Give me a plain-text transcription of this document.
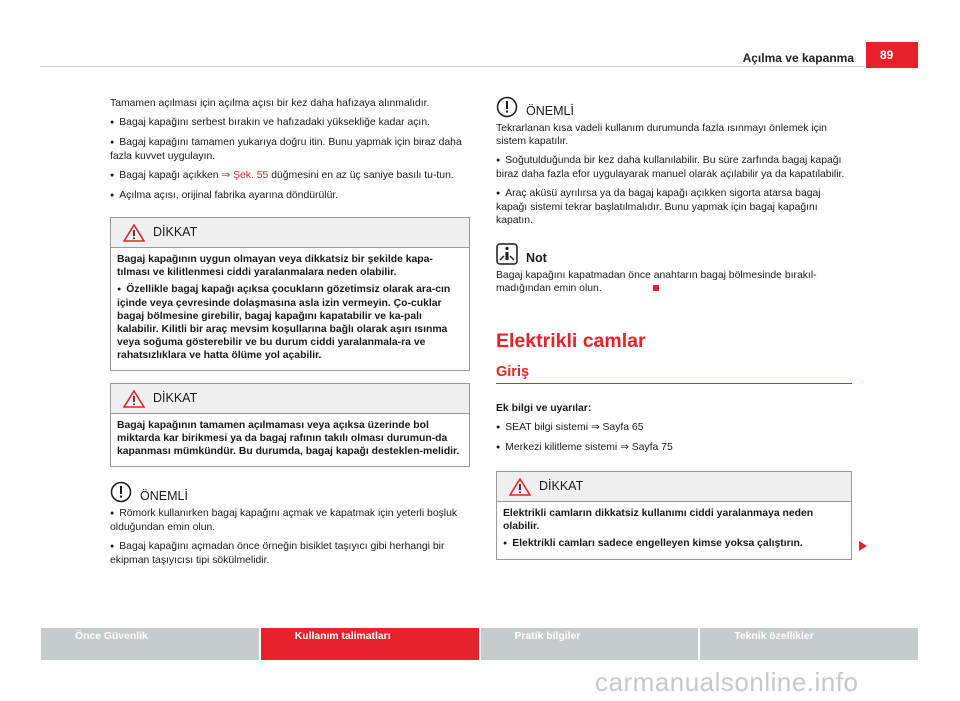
Açılma ve kapanma	89

Tamamen açılması için açılma açısı bir kez daha hafızaya alınmalıdır.

● Bagaj kapağını serbest bırakın ve hafızadaki yüksekliğe kadar açın.

● Bagaj kapağını tamamen yukarıya doğru itin. Bunu yapmak için biraz daha fazla kuvvet uygulayın.

● Bagaj kapağı açıkken ⇒ Şek. 55 düğmesini en az üç saniye basılı tu-tun.

● Açılma açısı, orijinal fabrika ayarına döndürülür.

DİKKAT

Bagaj kapağının uygun olmayan veya dikkatsiz bir şekilde kapa-tılması ve kilitlenmesi ciddi yaralanmalara neden olabilir.

● Özellikle bagaj kapağı açıksa çocukların gözetimsiz olarak ara-cın içinde veya çevresinde dolaşmasına asla izin vermeyin. Ço-cuklar bagaj bölmesine girebilir, bagaj kapağını kapatabilir ve ka-palı kalabilir. Kilitli bir araç mevsim koşullarına bağlı olarak aşırı ısınma veya soğuma gösterebilir ve bu durum ciddi yaralanmala-ra ve rahatsızlıklara ve hatta ölüme yol açabilir.

DİKKAT

Bagaj kapağının tamamen açılmaması veya açıksa üzerinde bol miktarda kar birikmesi ya da bagaj rafının takılı olması durumun-da kapanması mümkündür. Bu durumda, bagaj kapağı desteklen-melidir.

ÖNEMLİ

● Römork kullanırken bagaj kapağını açmak ve kapatmak için yeterli boşluk olduğundan emin olun.

● Bagaj kapağını açmadan önce örneğin bisiklet taşıyıcı gibi herhangi bir ekipman taşıyıcısı tipi sökülmelidir.

ÖNEMLİ

Tekrarlanan kısa vadeli kullanım durumunda fazla ısınmayı önlemek için sistem kapatılır.

● Soğutulduğunda bir kez daha kullanılabilir. Bu süre zarfında bagaj kapağı biraz daha fazla efor uygulayarak manuel olarak açılabilir ya da kapatılabilir.

● Araç aküsü ayrılırsa ya da bagaj kapağı açıkken sigorta atarsa bagaj kapağı sistemi tekrar başlatılmalıdır. Bunu yapmak için bagaj kapağını kapatın.

Not

Bagaj kapağını kapatmadan önce anahtarın bagaj bölmesinde bırakıl-madığından emin olun.

Elektrikli camlar
Giriş

Ek bilgi ve uyarılar:

● SEAT bilgi sistemi ⇒ Sayfa 65

● Merkezi kilitleme sistemi ⇒ Sayfa 75

DİKKAT

Elektrikli camların dikkatsiz kullanımı ciddi yaralanmaya neden olabilir.

● Elektrikli camları sadece engelleyen kimse yoksa çalıştırın.

Önce Güvenlik	Kullanım talimatları	Pratik bilgiler	Teknik özellikler
carmanualsonline.info
